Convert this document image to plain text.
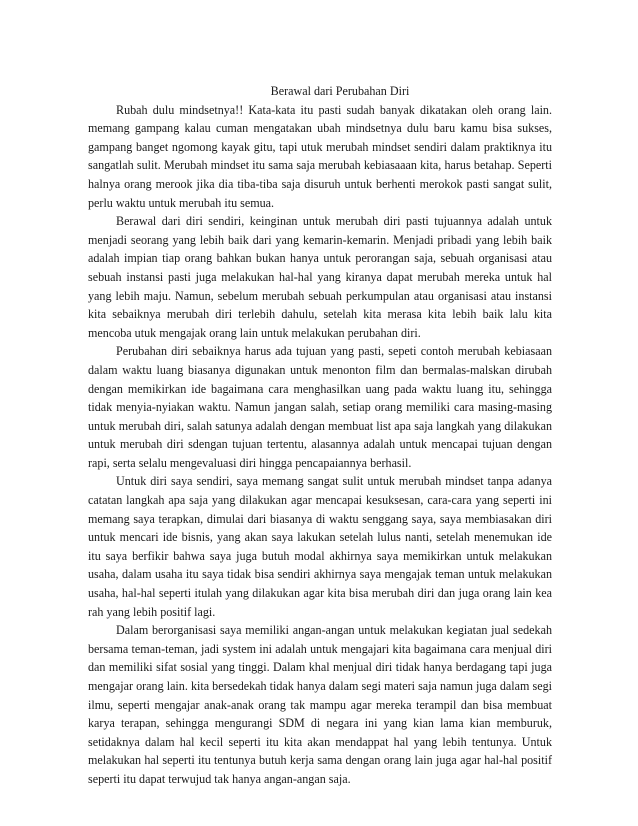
Berawal dari Perubahan Diri

Rubah dulu mindsetnya!! Kata-kata itu pasti sudah banyak dikatakan oleh orang lain. memang gampang kalau cuman mengatakan ubah mindsetnya dulu baru kamu bisa sukses, gampang banget ngomong kayak gitu, tapi utuk merubah mindset sendiri dalam praktiknya itu sangatlah sulit. Merubah mindset itu sama saja merubah kebiasaaan kita, harus betahap. Seperti halnya orang merook jika dia tiba-tiba saja disuruh untuk berhenti merokok pasti sangat sulit, perlu waktu untuk merubah itu semua.

Berawal dari diri sendiri, keinginan untuk merubah diri pasti tujuannya adalah untuk menjadi seorang yang lebih baik dari yang kemarin-kemarin. Menjadi pribadi yang lebih baik adalah impian tiap orang bahkan bukan hanya untuk perorangan saja, sebuah organisasi atau sebuah instansi pasti juga melakukan hal-hal yang kiranya dapat merubah mereka untuk hal yang lebih maju. Namun, sebelum merubah sebuah perkumpulan atau organisasi atau instansi kita sebaiknya merubah diri terlebih dahulu, setelah kita merasa kita lebih baik lalu kita mencoba utuk mengajak orang lain untuk melakukan perubahan diri.

Perubahan diri sebaiknya harus ada tujuan yang pasti, sepeti contoh merubah kebiasaan dalam waktu luang biasanya digunakan untuk menonton film dan bermalas-malskan dirubah dengan memikirkan ide bagaimana cara menghasilkan uang pada waktu luang itu, sehingga tidak menyia-nyiakan waktu. Namun jangan salah, setiap orang memiliki cara masing-masing untuk merubah diri, salah satunya adalah dengan membuat list apa saja langkah yang dilakukan untuk merubah diri sdengan tujuan tertentu, alasannya adalah untuk mencapai tujuan dengan rapi, serta selalu mengevaluasi diri hingga pencapaiannya berhasil.

Untuk diri saya sendiri, saya memang sangat sulit untuk merubah mindset tanpa adanya catatan langkah apa saja yang dilakukan agar mencapai kesuksesan, cara-cara yang seperti ini memang saya terapkan, dimulai dari biasanya di waktu senggang saya, saya membiasakan diri untuk mencari ide bisnis, yang akan saya lakukan setelah lulus nanti, setelah menemukan ide itu saya berfikir bahwa saya juga butuh modal akhirnya saya memikirkan untuk melakukan usaha, dalam usaha itu saya tidak bisa sendiri akhirnya saya mengajak teman untuk melakukan usaha, hal-hal seperti itulah yang dilakukan agar kita bisa merubah diri dan juga orang lain kea rah yang lebih positif lagi.

Dalam berorganisasi saya memiliki angan-angan untuk melakukan kegiatan jual sedekah bersama teman-teman, jadi system ini adalah untuk mengajari kita bagaimana cara menjual diri dan memiliki sifat sosial yang tinggi. Dalam khal menjual diri tidak hanya berdagang tapi juga mengajar orang lain. kita bersedekah tidak hanya dalam segi materi saja namun juga dalam segi ilmu, seperti mengajar anak-anak orang tak mampu agar mereka terampil dan bisa membuat karya terapan, sehingga mengurangi SDM di negara ini yang kian lama kian memburuk, setidaknya dalam hal kecil seperti itu kita akan mendappat hal yang lebih tentunya. Untuk melakukan hal seperti itu tentunya butuh kerja sama dengan orang lain juga agar hal-hal positif seperti itu dapat terwujud tak hanya angan-angan saja.
